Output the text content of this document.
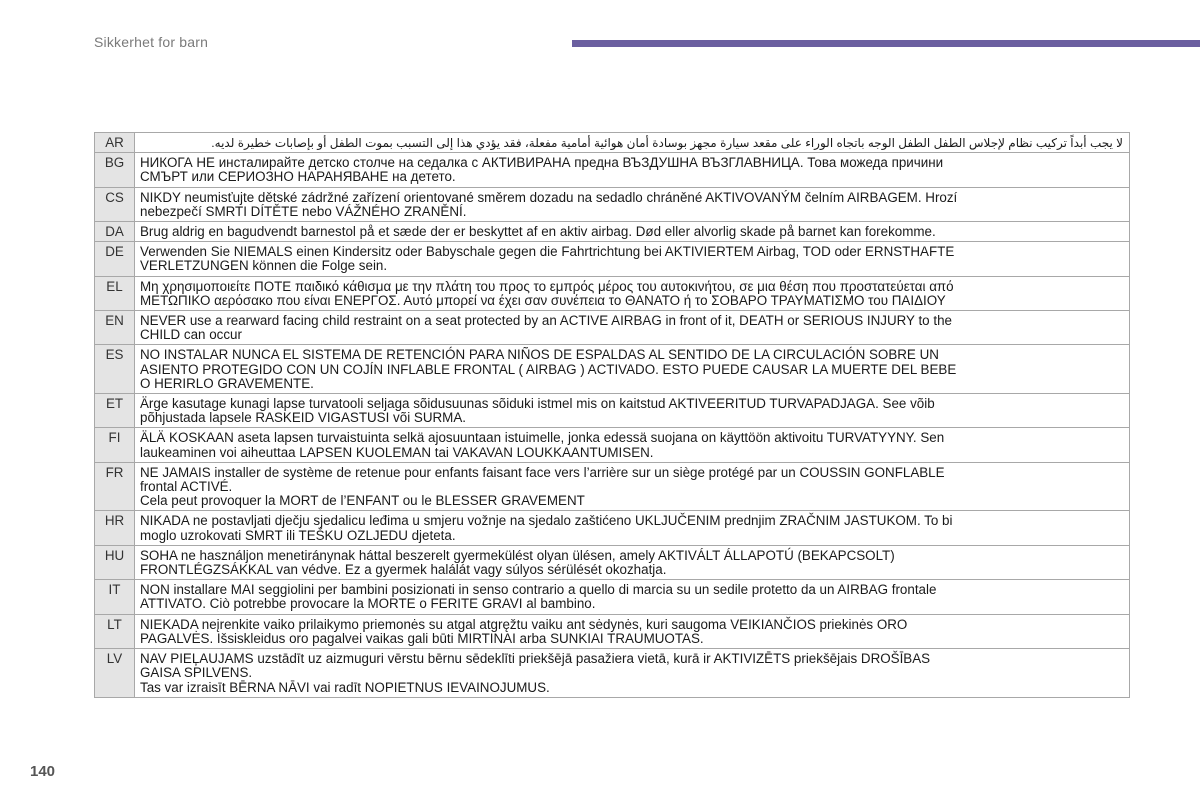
Sikkerhet for barn
AR	لا يجب أبداً تركيب نظام لإجلاس الطفل الطفل الوجه باتجاه الوراء على مقعد سيارة مجهز بوسادة أمان هوائية أمامية مفعلة، فقد يؤدي هذا إلى التسبب بموت الطفل أو بإصابات خطيرة لديه.
BG	НИКОГА НЕ инсталирайте детско столче на седалка с АКТИВИРАНА предна ВЪЗДУШНА ВЪЗГЛАВНИЦА. Това можеда причини
СМЪРТ или СЕРИОЗНО НАРАНЯВАНЕ на детето.
CS	NIKDY neumisťujte dětské zádržné zařízení orientované směrem dozadu na sedadlo chráněné AKTIVOVANÝM čelním AIRBAGEM. Hrozí
nebezpečí SMRTI DÍTĚTE nebo VÁŽNÉHO ZRANĚNÍ.
DA	Brug aldrig en bagudvendt barnestol på et sæde der er beskyttet af en aktiv airbag. Død eller alvorlig skade på barnet kan forekomme.
DE	Verwenden Sie NIEMALS einen Kindersitz oder Babyschale gegen die Fahrtrichtung bei AKTIVIERTEM Airbag, TOD oder ERNSTHAFTE
VERLETZUNGEN können die Folge sein.
EL	Μη χρησιμοποιείτε ΠΟΤΕ παιδικό κάθισμα με την πλάτη του προς το εμπρός μέρος του αυτοκινήτου, σε μια θέση που προστατεύεται από
ΜΕΤΩΠΙΚΟ αερόσακο που είναι ΕΝΕΡΓΟΣ. Αυτό μπορεί να έχει σαν συνέπεια το ΘΑΝΑΤΟ ή το ΣΟΒΑΡΟ ΤΡΑΥΜΑΤΙΣΜΟ του ΠΑΙΔΙΟΥ
EN	NEVER use a rearward facing child restraint on a seat protected by an ACTIVE AIRBAG in front of it, DEATH or SERIOUS INJURY to the
CHILD can occur
ES	NO INSTALAR NUNCA EL SISTEMA DE RETENCIÓN PARA NIÑOS DE ESPALDAS AL SENTIDO DE LA CIRCULACIÓN SOBRE UN
ASIENTO PROTEGIDO CON UN COJÍN INFLABLE FRONTAL ( AIRBAG ) ACTIVADO. ESTO PUEDE CAUSAR LA MUERTE DEL BEBE
O HERIRLO GRAVEMENTE.
ET	Ärge kasutage kunagi lapse turvatooli seljaga sõidusuunas sõiduki istmel mis on kaitstud AKTIVEERITUD TURVAPADJAGA. See võib
põhjustada lapsele RASKEID VIGASTUSI või SURMA.
FI	ÄLÄ KOSKAAN aseta lapsen turvaistuinta selkä ajosuuntaan istuimelle, jonka edessä suojana on käyttöön aktivoitu TURVATYYNY. Sen
laukeaminen voi aiheuttaa LAPSEN KUOLEMAN tai VAKAVAN LOUKKAANTUMISEN.
FR	NE JAMAIS installer de système de retenue pour enfants faisant face vers l’arrière sur un siège protégé par un COUSSIN GONFLABLE
frontal ACTIVÉ.
Cela peut provoquer la MORT de l’ENFANT ou le BLESSER GRAVEMENT
HR	NIKADA ne postavljati dječju sjedalicu leđima u smjeru vožnje na sjedalo zaštićeno UKLJUČENIM prednjim ZRAČNIM JASTUKOM. To bi
moglo uzrokovati SMRT ili TEŠKU OZLJEDU djeteta.
HU	SOHA ne használjon menetiránynak háttal beszerelt gyermekülést olyan ülésen, amely AKTIVÁLT ÁLLAPOTÚ (BEKAPCSOLT)
FRONTLÉGZSÁKKAL van védve. Ez a gyermek halálát vagy súlyos sérülését okozhatja.
IT	NON installare MAI seggiolini per bambini posizionati in senso contrario a quello di marcia su un sedile protetto da un AIRBAG frontale
ATTIVATO. Ciò potrebbe provocare la MORTE o FERITE GRAVI al bambino.
LT	NIEKADA neįrenkite vaiko prilaikymo priemonės su atgal atgręžtu vaiku ant sėdynės, kuri saugoma VEIKIANČIOS priekinės ORO
PAGALVĖS. Išsiskleidus oro pagalvei vaikas gali būti MIRTINAI arba SUNKIAI TRAUMUOTAS.
LV	NAV PIEĻAUJAMS uzstādīt uz aizmuguri vērstu bērnu sēdeklīti priekšējā pasažiera vietā, kurā ir AKTIVIZĒTS priekšējais DROŠĪBAS
GAISA SPILVENS.
Tas var izraisīt BĒRNA NĀVI vai radīt NOPIETNUS IEVAINOJUMUS.
140
